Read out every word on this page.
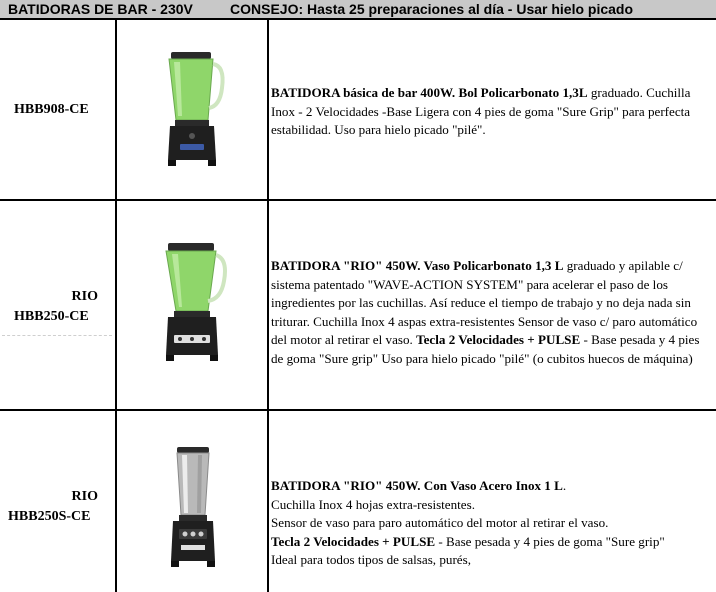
BATIDORAS DE BAR - 230V	CONSEJO: Hasta 25 preparaciones al día - Usar hielo picado
HBB908-CE

BATIDORA básica de bar 400W. Bol Policarbonato 1,3L graduado. Cuchilla Inox - 2 Velocidades -Base Ligera con 4 pies de goma "Sure Grip" para perfecta estabilidad. Uso para hielo picado "pilé".

RIO
HBB250-CE

BATIDORA "RIO" 450W. Vaso Policarbonato 1,3 L graduado y apilable c/ sistema patentado "WAVE-ACTION SYSTEM" para acelerar el paso de los ingredientes por las cuchillas. Así reduce el tiempo de trabajo y no deja nada sin triturar. Cuchilla Inox 4 aspas extra-resistentes Sensor de vaso c/ paro automático del motor al retirar el vaso. Tecla 2 Velocidades + PULSE - Base pesada y 4 pies de goma "Sure grip" Uso para hielo picado "pilé" (o cubitos huecos de máquina)

RIO
HBB250S-CE

BATIDORA "RIO" 450W. Con Vaso Acero Inox 1 L.

Cuchilla Inox 4 hojas extra-resistentes.

Sensor de vaso para paro automático del motor al retirar el vaso.

Tecla 2 Velocidades + PULSE - Base pesada y 4 pies de goma "Sure grip"

Ideal para todos tipos de salsas, purés,
